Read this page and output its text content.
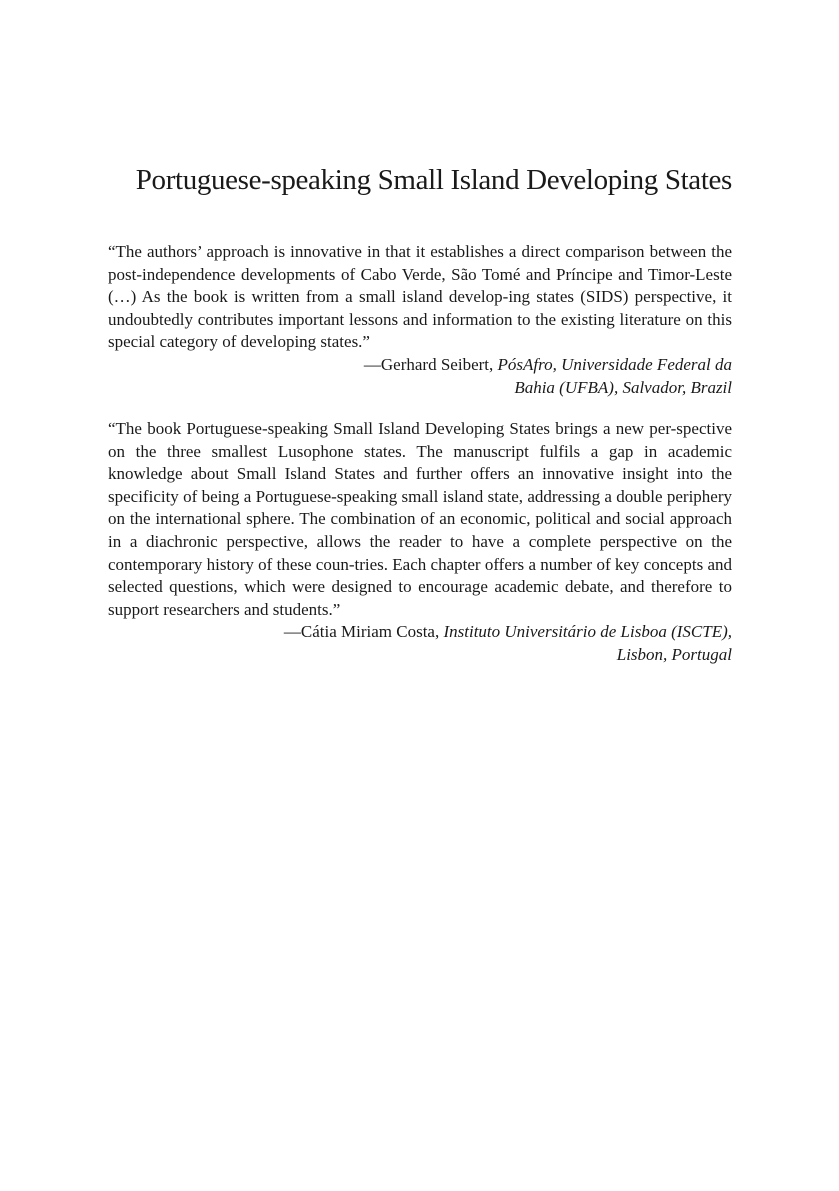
Portuguese-speaking Small Island Developing States

“The authors’ approach is innovative in that it establishes a direct comparison between the post-independence developments of Cabo Verde, São Tomé and Príncipe and Timor-Leste (…) As the book is written from a small island develop-ing states (SIDS) perspective, it undoubtedly contributes important lessons and information to the existing literature on this special category of developing states.”

—Gerhard Seibert, PósAfro, Universidade Federal da
Bahia (UFBA), Salvador, Brazil

“The book Portuguese-speaking Small Island Developing States brings a new per-spective on the three smallest Lusophone states. The manuscript fulfils a gap in academic knowledge about Small Island States and further offers an innovative insight into the specificity of being a Portuguese-speaking small island state, addressing a double periphery on the international sphere. The combination of an economic, political and social approach in a diachronic perspective, allows the reader to have a complete perspective on the contemporary history of these coun-tries. Each chapter offers a number of key concepts and selected questions, which were designed to encourage academic debate, and therefore to support researchers and students.”

—Cátia Miriam Costa, Instituto Universitário de Lisboa (ISCTE),
Lisbon, Portugal
